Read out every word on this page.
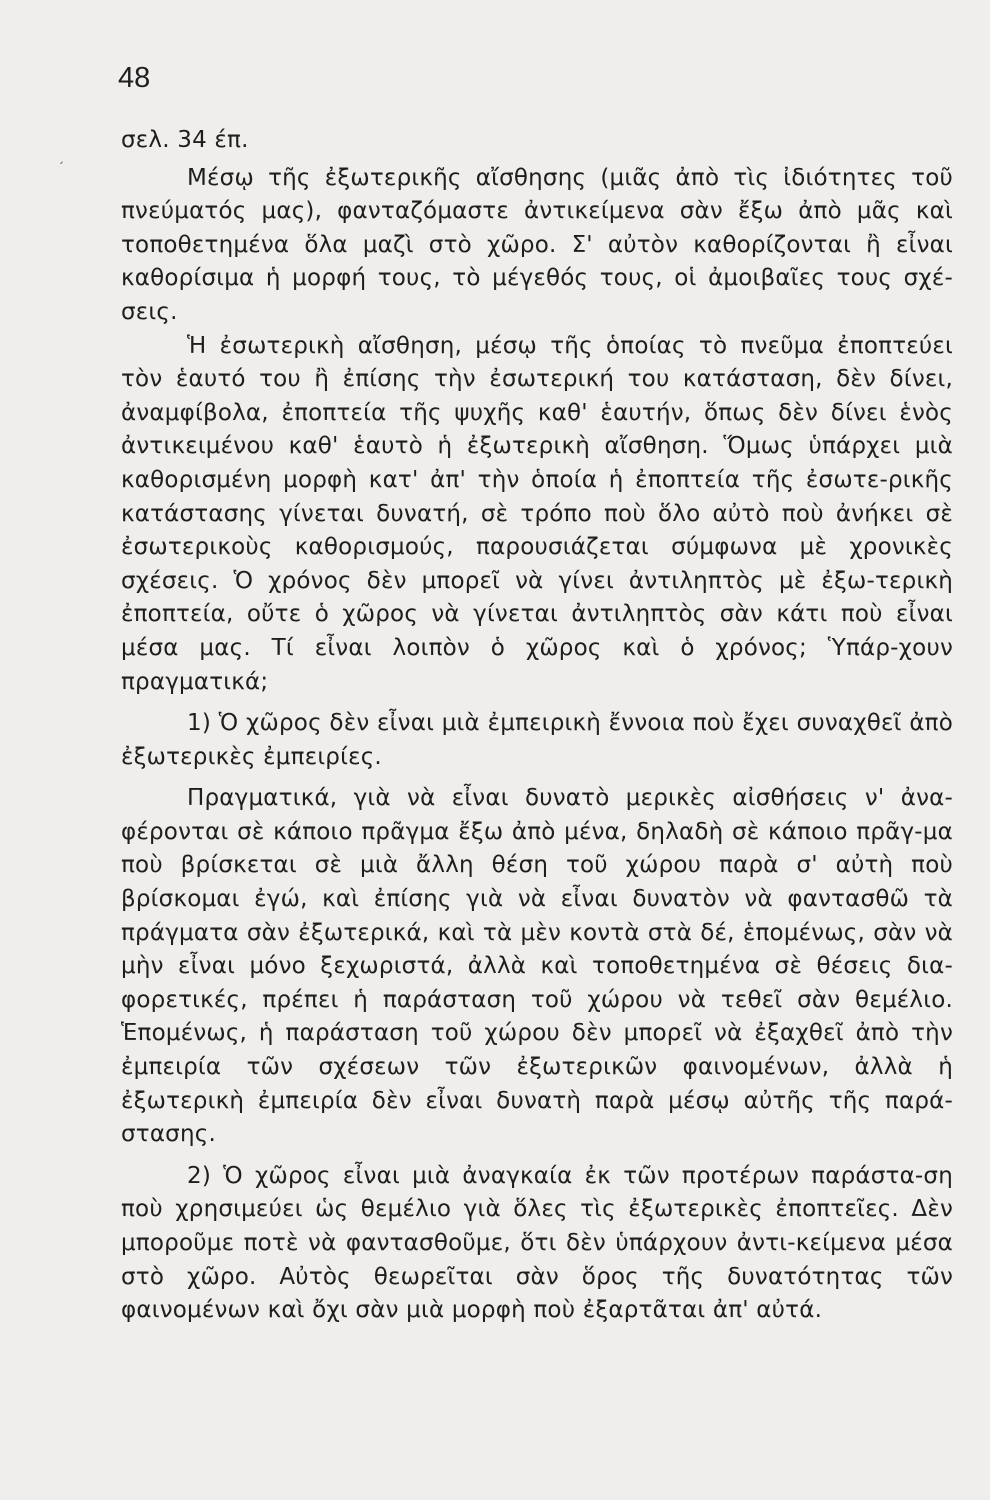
48
ˏ

σελ. 34 έπ.

Μέσῳ τῆς ἐξωτερικῆς αἴσθησης (μιᾶς ἀπὸ τὶς ἰδιότητες τοῦ πνεύματός μας), φανταζόμαστε ἀντικείμενα σὰν ἔξω ἀπὸ μᾶς καὶ τοποθετημένα ὅλα μαζὶ στὸ χῶρο. Σ' αὐτὸν καθορίζονται ἢ εἶναι καθορίσιμα ἡ μορφή τους, τὸ μέγεθός τους, οἱ ἀμοιβαῖες τους σχέ-σεις.

Ἡ ἐσωτερικὴ αἴσθηση, μέσῳ τῆς ὁποίας τὸ πνεῦμα ἐποπτεύει τὸν ἑαυτό του ἢ ἐπίσης τὴν ἐσωτερική του κατάσταση, δὲν δίνει, ἀναμφίβολα, ἐποπτεία τῆς ψυχῆς καθ' ἑαυτήν, ὅπως δὲν δίνει ἑνὸς ἀντικειμένου καθ' ἑαυτὸ ἡ ἐξωτερικὴ αἴσθηση. Ὅμως ὑπάρχει μιὰ καθορισμένη μορφὴ κατ' ἀπ' τὴν ὁποία ἡ ἐποπτεία τῆς ἐσωτε-ρικῆς κατάστασης γίνεται δυνατή, σὲ τρόπο ποὺ ὅλο αὐτὸ ποὺ ἀνήκει σὲ ἐσωτερικοὺς καθορισμούς, παρουσιάζεται σύμφωνα μὲ χρονικὲς σχέσεις. Ὁ χρόνος δὲν μπορεῖ νὰ γίνει ἀντιληπτὸς μὲ ἐξω-τερικὴ ἐποπτεία, οὔτε ὁ χῶρος νὰ γίνεται ἀντιληπτὸς σὰν κάτι ποὺ εἶναι μέσα μας. Τί εἶναι λοιπὸν ὁ χῶρος καὶ ὁ χρόνος; Ὑπάρ-χουν πραγματικά;

1) Ὁ χῶρος δὲν εἶναι μιὰ ἐμπειρικὴ ἔννοια ποὺ ἔχει συναχθεῖ ἀπὸ ἐξωτερικὲς ἐμπειρίες.

Πραγματικά, γιὰ νὰ εἶναι δυνατὸ μερικὲς αἰσθήσεις ν' ἀνα-φέρονται σὲ κάποιο πρᾶγμα ἔξω ἀπὸ μένα, δηλαδὴ σὲ κάποιο πρᾶγ-μα ποὺ βρίσκεται σὲ μιὰ ἄλλη θέση τοῦ χώρου παρὰ σ' αὐτὴ ποὺ βρίσκομαι ἐγώ, καὶ ἐπίσης γιὰ νὰ εἶναι δυνατὸν νὰ φαντασθῶ τὰ πράγματα σὰν ἐξωτερικά, καὶ τὰ μὲν κοντὰ στὰ δέ, ἑπομένως, σὰν νὰ μὴν εἶναι μόνο ξεχωριστά, ἀλλὰ καὶ τοποθετημένα σὲ θέσεις δια-φορετικές, πρέπει ἡ παράσταση τοῦ χώρου νὰ τεθεῖ σὰν θεμέλιο. Ἑπομένως, ἡ παράσταση τοῦ χώρου δὲν μπορεῖ νὰ ἐξαχθεῖ ἀπὸ τὴν ἐμπειρία τῶν σχέσεων τῶν ἐξωτερικῶν φαινομένων, ἀλλὰ ἡ ἐξωτερικὴ ἐμπειρία δὲν εἶναι δυνατὴ παρὰ μέσῳ αὐτῆς τῆς παρά-στασης.

2) Ὁ χῶρος εἶναι μιὰ ἀναγκαία ἐκ τῶν προτέρων παράστα-ση ποὺ χρησιμεύει ὡς θεμέλιο γιὰ ὅλες τὶς ἐξωτερικὲς ἐποπτεῖες. Δὲν μποροῦμε ποτὲ νὰ φαντασθοῦμε, ὅτι δὲν ὑπάρχουν ἀντι-κείμενα μέσα στὸ χῶρο. Αὐτὸς θεωρεῖται σὰν ὅρος τῆς δυνατότητας τῶν φαινομένων καὶ ὄχι σὰν μιὰ μορφὴ ποὺ ἐξαρτᾶται ἀπ' αὐτά.
